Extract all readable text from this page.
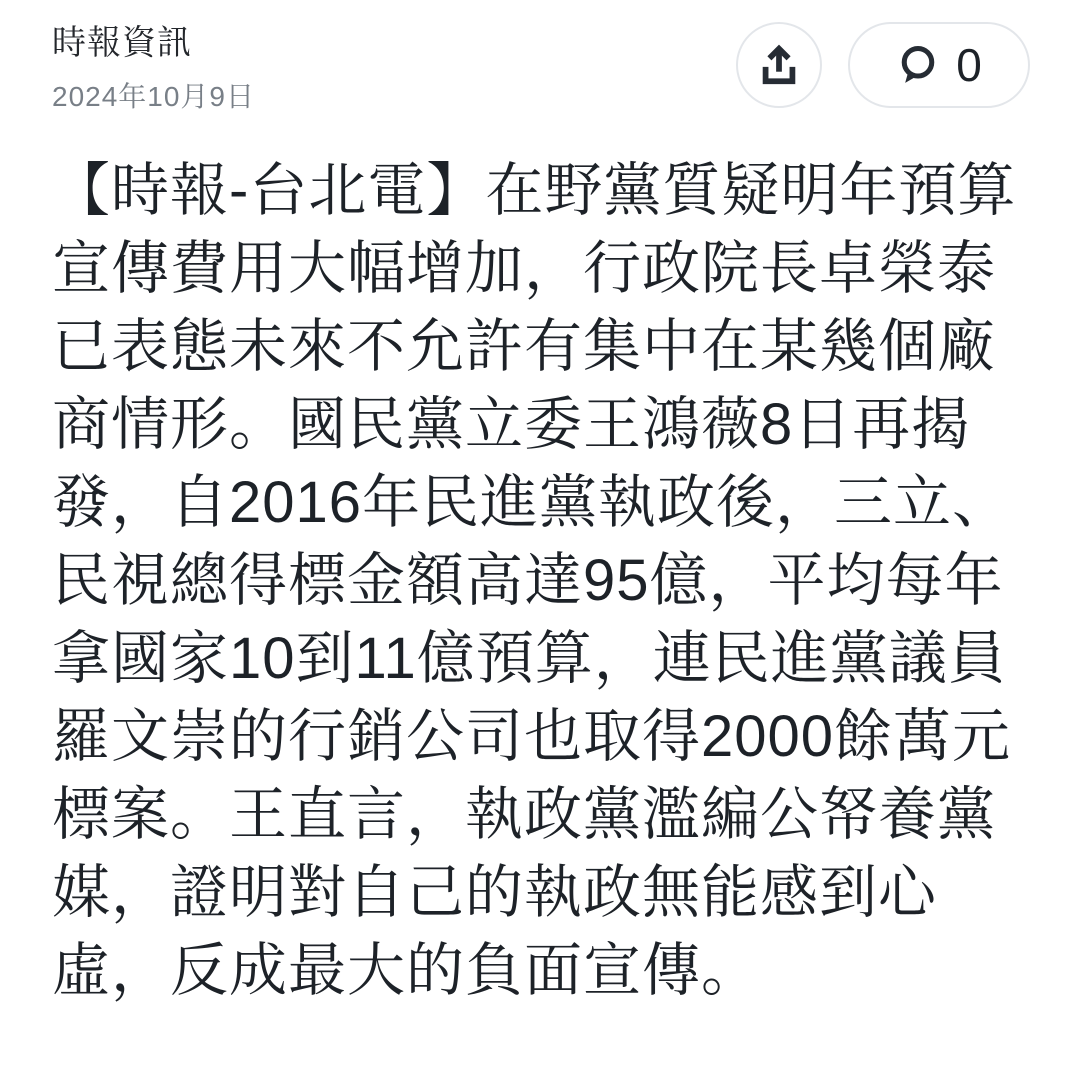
時報資訊
2024年10月9日
0

【時報-台北電】在野黨質疑明年預算宣傳費用大幅增加，行政院長卓榮泰已表態未來不允許有集中在某幾個廠商情形。國民黨立委王鴻薇8日再揭發，自2016年民進黨執政後，三立、民視總得標金額高達95億，平均每年拿國家10到11億預算，連民進黨議員羅文崇的行銷公司也取得2000餘萬元標案。王直言，執政黨濫編公帑養黨媒，證明對自己的執政無能感到心虛，反成最大的負面宣傳。
